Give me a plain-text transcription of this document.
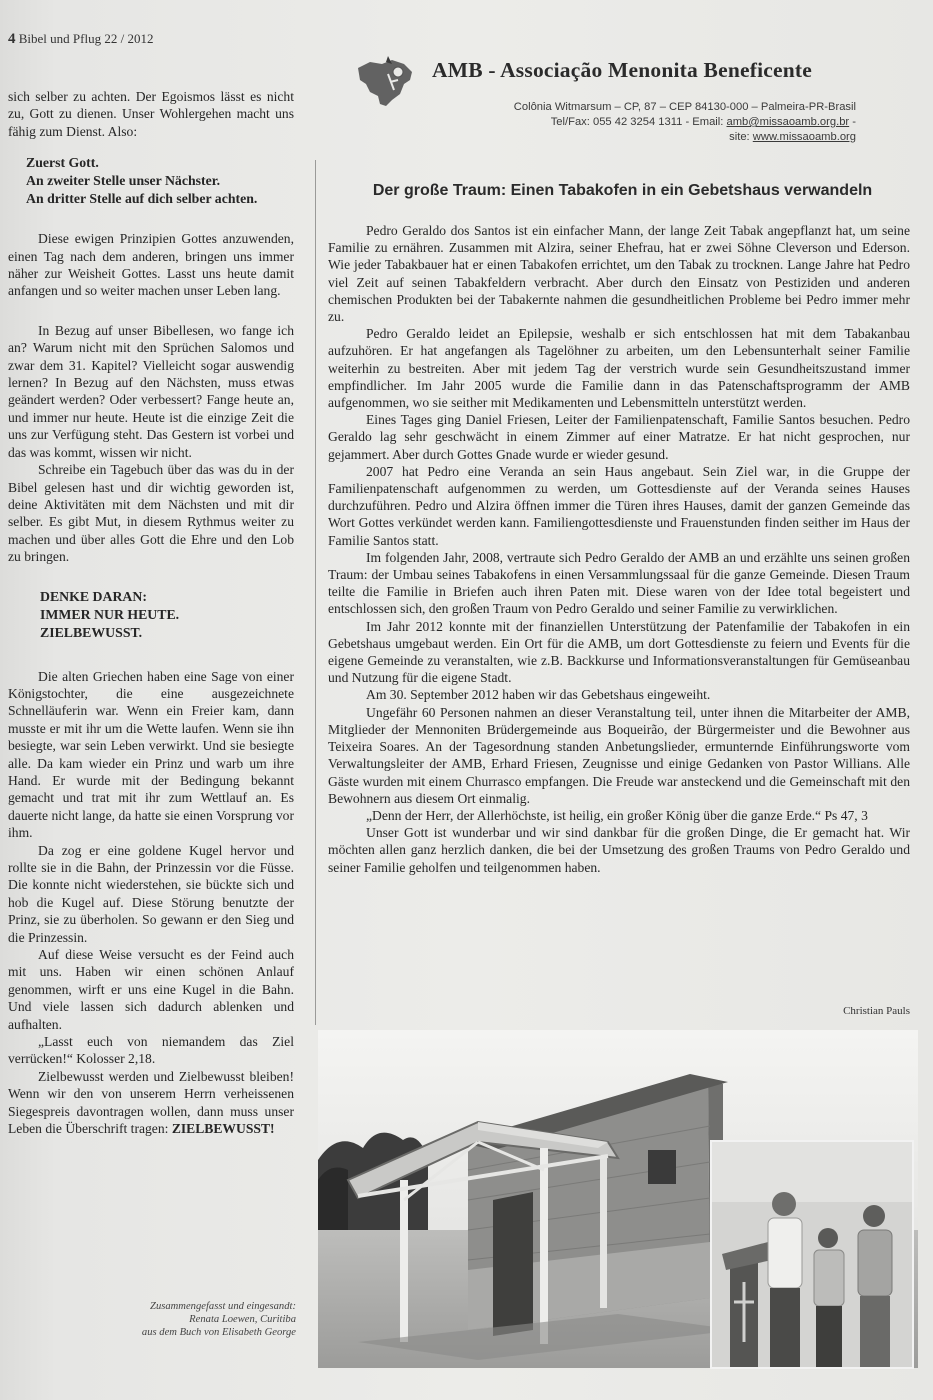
4 Bibel und Pflug 22 / 2012

sich selber zu achten. Der Egoismos lässt es nicht zu, Gott zu dienen. Unser Wohlergehen macht uns fähig zum Dienst. Also:

Zuerst Gott.
An zweiter Stelle unser Nächster.
An dritter Stelle auf dich selber achten.

Diese ewigen Prinzipien Gottes anzuwenden, einen Tag nach dem anderen, bringen uns immer näher zur Weisheit Gottes. Lasst uns heute damit anfangen und so weiter machen unser Leben lang.

In Bezug auf unser Bibellesen, wo fange ich an? Warum nicht mit den Sprüchen Salomos und zwar dem 31. Kapitel? Vielleicht sogar auswendig lernen? In Bezug auf den Nächsten, muss etwas geändert werden? Oder verbessert? Fange heute an, und immer nur heute. Heute ist die einzige Zeit die uns zur Verfügung steht. Das Gestern ist vorbei und das was kommt, wissen wir nicht.

Schreibe ein Tagebuch über das was du in der Bibel gelesen hast und dir wichtig geworden ist, deine Aktivitäten mit dem Nächsten und mit dir selber. Es gibt Mut, in diesem Rythmus weiter zu machen und über alles Gott die Ehre und den Lob zu bringen.

DENKE DARAN:
IMMER NUR HEUTE.
ZIELBEWUSST.

Die alten Griechen haben eine Sage von einer Königstochter, die eine ausgezeichnete Schnelläuferin war. Wenn ein Freier kam, dann musste er mit ihr um die Wette laufen. Wenn sie ihn besiegte, war sein Leben verwirkt. Und sie besiegte alle. Da kam wieder ein Prinz und warb um ihre Hand. Er wurde mit der Bedingung bekannt gemacht und trat mit ihr zum Wettlauf an. Es dauerte nicht lange, da hatte sie einen Vorsprung vor ihm.

Da zog er eine goldene Kugel hervor und rollte sie in die Bahn, der Prinzessin vor die Füsse. Die konnte nicht wiederstehen, sie bückte sich und hob die Kugel auf. Diese Störung benutzte der Prinz, sie zu überholen. So gewann er den Sieg und die Prinzessin.

Auf diese Weise versucht es der Feind auch mit uns. Haben wir einen schönen Anlauf genommen, wirft er uns eine Kugel in die Bahn. Und viele lassen sich dadurch ablenken und aufhalten.

„Lasst euch von niemandem das Ziel verrücken!“ Kolosser 2,18.

Zielbewusst werden und Zielbewusst bleiben! Wenn wir den von unserem Herrn verheissenen Siegespreis davontragen wollen, dann muss unser Leben die Überschrift tragen: ZIELBEWUSST!

Zusammengefasst und eingesandt:
Renata Loewen, Curitiba
aus dem Buch von Elisabeth George
AMB - Associação Menonita Beneficente
Colônia Witmarsum – CP, 87 – CEP 84130-000 – Palmeira-PR-Brasil
Tel/Fax: 055 42 3254 1311 - Email: amb@missaoamb.org.br -
site: www.missaoamb.org
Der große Traum: Einen Tabakofen in ein Gebetshaus verwandeln

Pedro Geraldo dos Santos ist ein einfacher Mann, der lange Zeit Tabak angepflanzt hat, um seine Familie zu ernähren. Zusammen mit Alzira, seiner Ehefrau, hat er zwei Söhne Cleverson und Ederson. Wie jeder Tabakbauer hat er einen Tabakofen errichtet, um den Tabak zu trocknen. Lange Jahre hat Pedro viel Zeit auf seinen Tabakfeldern verbracht. Aber durch den Einsatz von Pestiziden und anderen chemischen Produkten bei der Tabakernte nahmen die gesundheitlichen Probleme bei Pedro immer mehr zu.

Pedro Geraldo leidet an Epilepsie, weshalb er sich entschlossen hat mit dem Tabakanbau aufzuhören. Er hat angefangen als Tagelöhner zu arbeiten, um den Lebensunterhalt seiner Familie weiterhin zu bestreiten. Aber mit jedem Tag der verstrich wurde sein Gesundheitszustand immer empfindlicher. Im Jahr 2005 wurde die Familie dann in das Patenschaftsprogramm der AMB aufgenommen, wo sie seither mit Medikamenten und Lebensmitteln unterstützt werden.

Eines Tages ging Daniel Friesen, Leiter der Familienpatenschaft, Familie Santos besuchen. Pedro Geraldo lag sehr geschwächt in einem Zimmer auf einer Matratze. Er hat nicht gesprochen, nur gejammert. Aber durch Gottes Gnade wurde er wieder gesund.

2007 hat Pedro eine Veranda an sein Haus angebaut. Sein Ziel war, in die Gruppe der Familienpatenschaft aufgenommen zu werden, um Gottesdienste auf der Veranda seines Hauses durchzuführen. Pedro und Alzira öffnen immer die Türen ihres Hauses, damit der ganzen Gemeinde das Wort Gottes verkündet werden kann. Familiengottesdienste und Frauenstunden finden seither im Haus der Familie Santos statt.

Im folgenden Jahr, 2008, vertraute sich Pedro Geraldo der AMB an und erzählte uns seinen großen Traum: der Umbau seines Tabakofens in einen Versammlungssaal für die ganze Gemeinde. Diesen Traum teilte die Familie in Briefen auch ihren Paten mit. Diese waren von der Idee total begeistert und entschlossen sich, den großen Traum von Pedro Geraldo und seiner Familie zu verwirklichen.

Im Jahr 2012 konnte mit der finanziellen Unterstützung der Patenfamilie der Tabakofen in ein Gebetshaus umgebaut werden. Ein Ort für die AMB, um dort Gottesdienste zu feiern und Events für die eigene Gemeinde zu veranstalten, wie z.B. Backkurse und Informationsveranstaltungen für Gemüseanbau und Nutzung für die eigene Stadt.

Am 30. September 2012 haben wir das Gebetshaus eingeweiht.

Ungefähr 60 Personen nahmen an dieser Veranstaltung teil, unter ihnen die Mitarbeiter der AMB, Mitglieder der Mennoniten Brüdergemeinde aus Boqueirão, der Bürgermeister und die Bewohner aus Teixeira Soares. An der Tagesordnung standen Anbetungslieder, ermunternde Einführungsworte vom Verwaltungsleiter der AMB, Erhard Friesen, Zeugnisse und einige Gedanken von Pastor Willians. Alle Gäste wurden mit einem Churrasco empfangen. Die Freude war ansteckend und die Gemeinschaft mit den Bewohnern aus diesem Ort einmalig.

„Denn der Herr, der Allerhöchste, ist heilig, ein großer König über die ganze Erde.“ Ps 47, 3

Unser Gott ist wunderbar und wir sind dankbar für die großen Dinge, die Er gemacht hat. Wir möchten allen ganz herzlich danken, die bei der Umsetzung des großen Traums von Pedro Geraldo und seiner Familie geholfen und teilgenommen haben.

Christian Pauls
